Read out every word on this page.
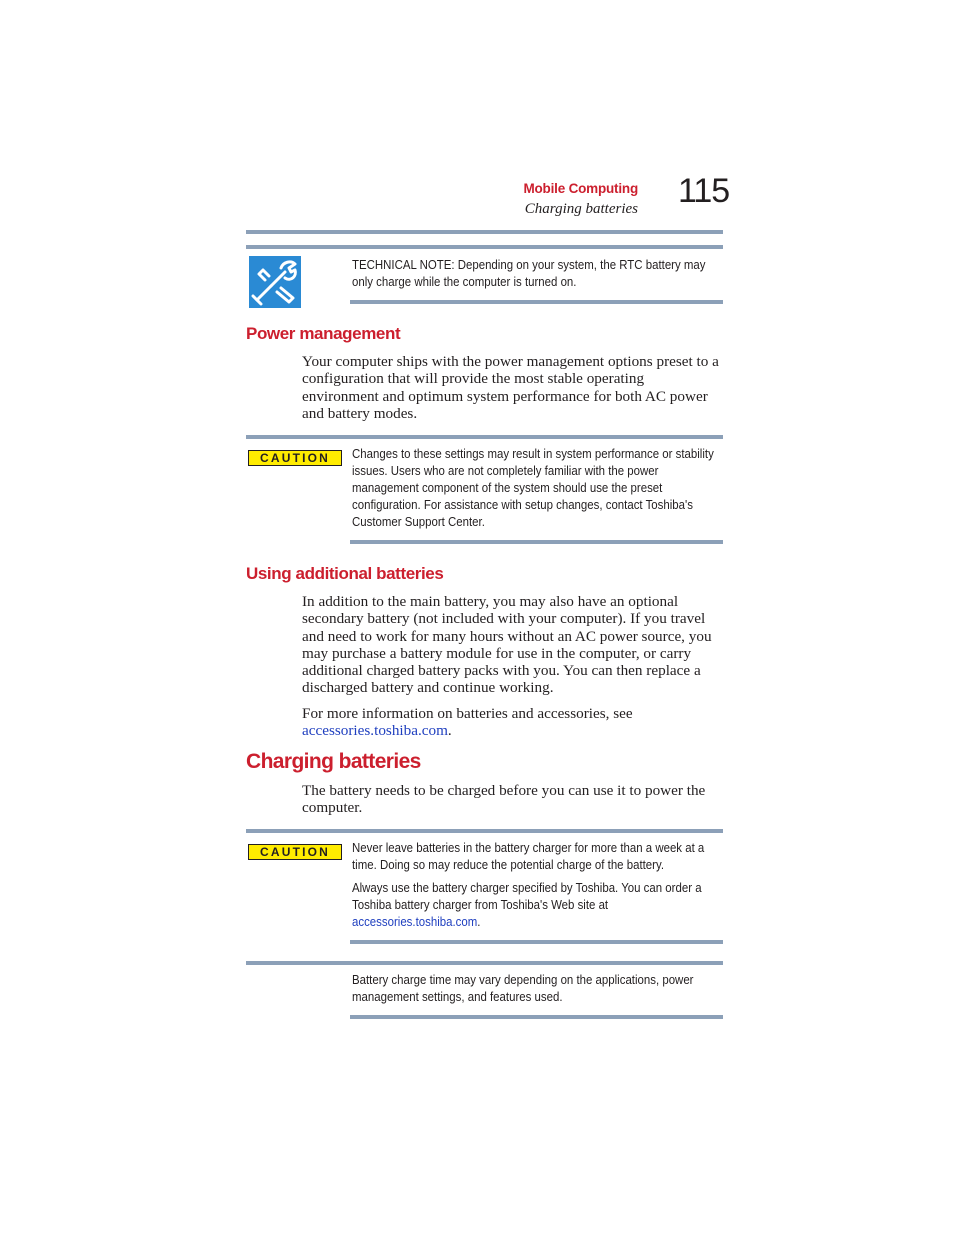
Mobile Computing
Charging batteries 115

TECHNICAL NOTE: Depending on your system, the RTC battery may only charge while the computer is turned on.

Power management

Your computer ships with the power management options preset to a configuration that will provide the most stable operating environment and optimum system performance for both AC power and battery modes.

CAUTION	Changes to these settings may result in system performance or stability issues. Users who are not completely familiar with the power management component of the system should use the preset configuration. For assistance with setup changes, contact Toshiba's Customer Support Center.

Using additional batteries

In addition to the main battery, you may also have an optional secondary battery (not included with your computer). If you travel and need to work for many hours without an AC power source, you may purchase a battery module for use in the computer, or carry additional charged battery packs with you. You can then replace a discharged battery and continue working.

For more information on batteries and accessories, see
accessories.toshiba.com.

Charging batteries

The battery needs to be charged before you can use it to power the computer.

CAUTION	Never leave batteries in the battery charger for more than a week at a time. Doing so may reduce the potential charge of the battery.

Always use the battery charger specified by Toshiba. You can order a Toshiba battery charger from Toshiba's Web site at
accessories.toshiba.com.

Battery charge time may vary depending on the applications, power management settings, and features used.
